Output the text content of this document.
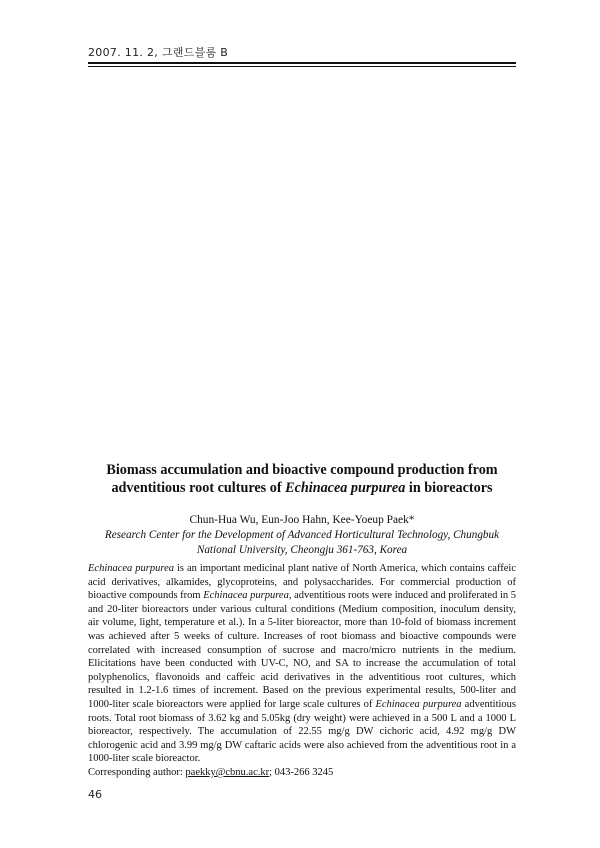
2007. 11. 2, 그랜드블룸 B
Biomass accumulation and bioactive compound production from
adventitious root cultures of Echinacea purpurea in bioreactors
Chun-Hua Wu, Eun-Joo Hahn, Kee-Yoeup Paek*
Research Center for the Development of Advanced Horticultural Technology, Chungbuk
National University, Cheongju 361-763, Korea
Echinacea purpurea is an important medicinal plant native of North America, which contains caffeic acid derivatives, alkamides, glycoproteins, and polysaccharides. For commercial production of bioactive compounds from Echinacea purpurea, adventitious roots were induced and proliferated in 5 and 20-liter bioreactors under various cultural conditions (Medium composition, inoculum density, air volume, light, temperature et al.). In a 5-liter bioreactor, more than 10-fold of biomass increment was achieved after 5 weeks of culture. Increases of root biomass and bioactive compounds were correlated with increased consumption of sucrose and macro/micro nutrients in the medium. Elicitations have been conducted with UV-C, NO, and SA to increase the accumulation of total polyphenolics, flavonoids and caffeic acid derivatives in the adventitious root cultures, which resulted in 1.2-1.6 times of increment. Based on the previous experimental results, 500-liter and 1000-liter scale bioreactors were applied for large scale cultures of Echinacea purpurea adventitious roots. Total root biomass of 3.62 kg and 5.05kg (dry weight) were achieved in a 500 L and a 1000 L bioreactor, respectively. The accumulation of 22.55 mg/g DW cichoric acid, 4.92 mg/g DW chlorogenic acid and 3.99 mg/g DW caftaric acids were also achieved from the adventitious root in a 1000-liter scale bioreactor.
Corresponding author: paekky@cbnu.ac.kr; 043-266 3245
46
